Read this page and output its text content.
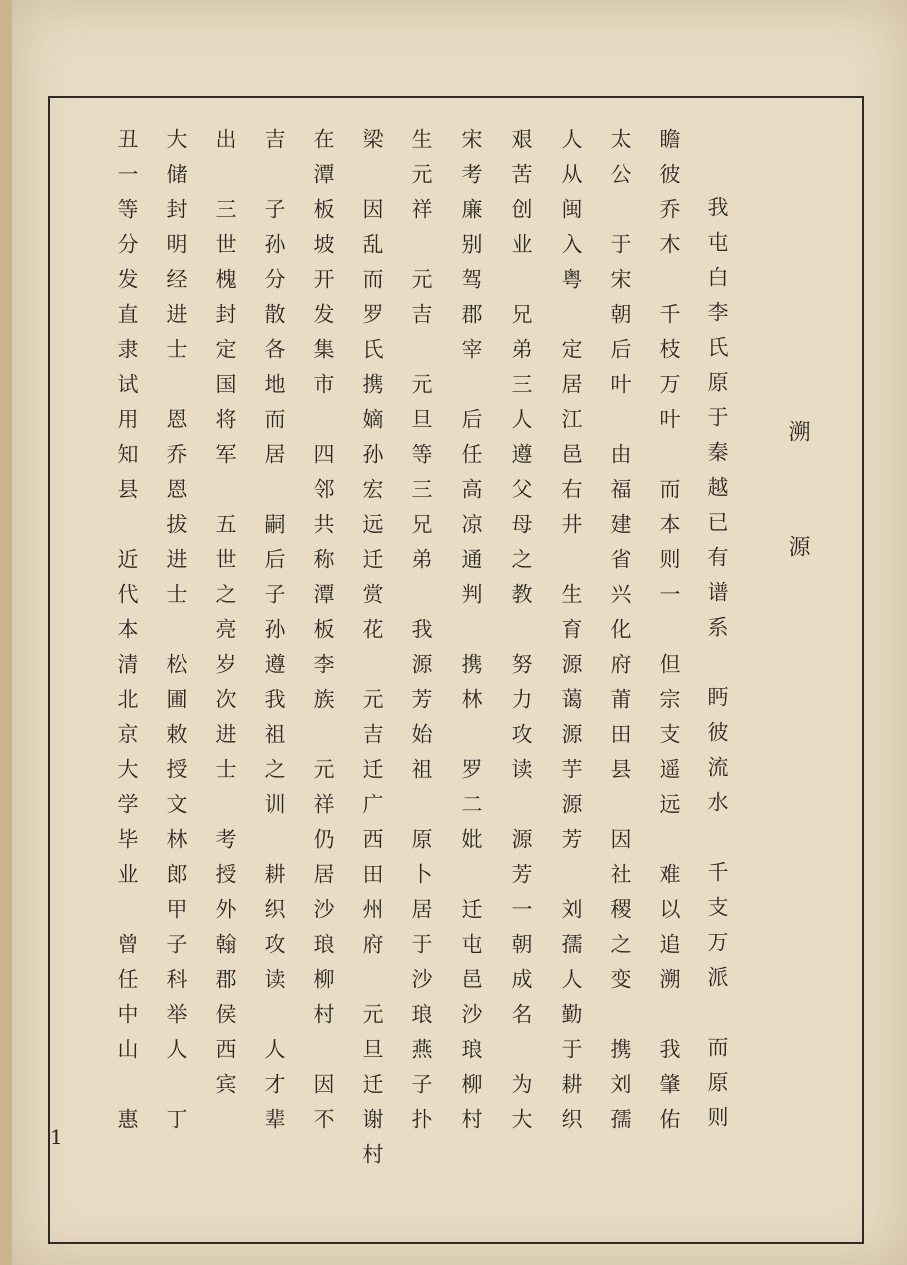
溯 源
我屯白李氏原于秦越已有谱系　眄彼流水　千支万派　而原则
瞻彼乔木　千枝万叶　而本则一　但宗支遥远　难以追溯　我肇佑
太公　于宋朝后叶　由福建省兴化府莆田县　因社稷之变　携刘孺
人从闽入粤　定居江邑右井　生育源蔼源芋源芳　刘孺人勤于耕织
艰苦创业　兄弟三人遵父母之教　努力攻读　源芳一朝成名　为大
宋考廉别驾郡宰　后任高凉通判　携林　罗二妣　迁屯邑沙琅柳村
生元祥　元吉　元旦等三兄弟　我源芳始祖　原卜居于沙琅燕子扑
梁　因乱而罗氏携嫡孙宏远迁赏花　元吉迁广西田州府　元旦迁谢村
在潭板坡开发集市　四邻共称潭板李族　元祥仍居沙琅柳村　因不
吉　子孙分散各地而居　嗣后子孙遵我祖之训　耕织攻读　人才辈
出　三世槐封定国将军　五世之亮岁次进士　考授外翰郡侯西宾
大储封明经进士　恩乔恩拔进士　松圃敕授文林郎甲子科举人　丁
丑一等分发直隶试用知县　近代本清北京大学毕业　曾任中山　惠
1
